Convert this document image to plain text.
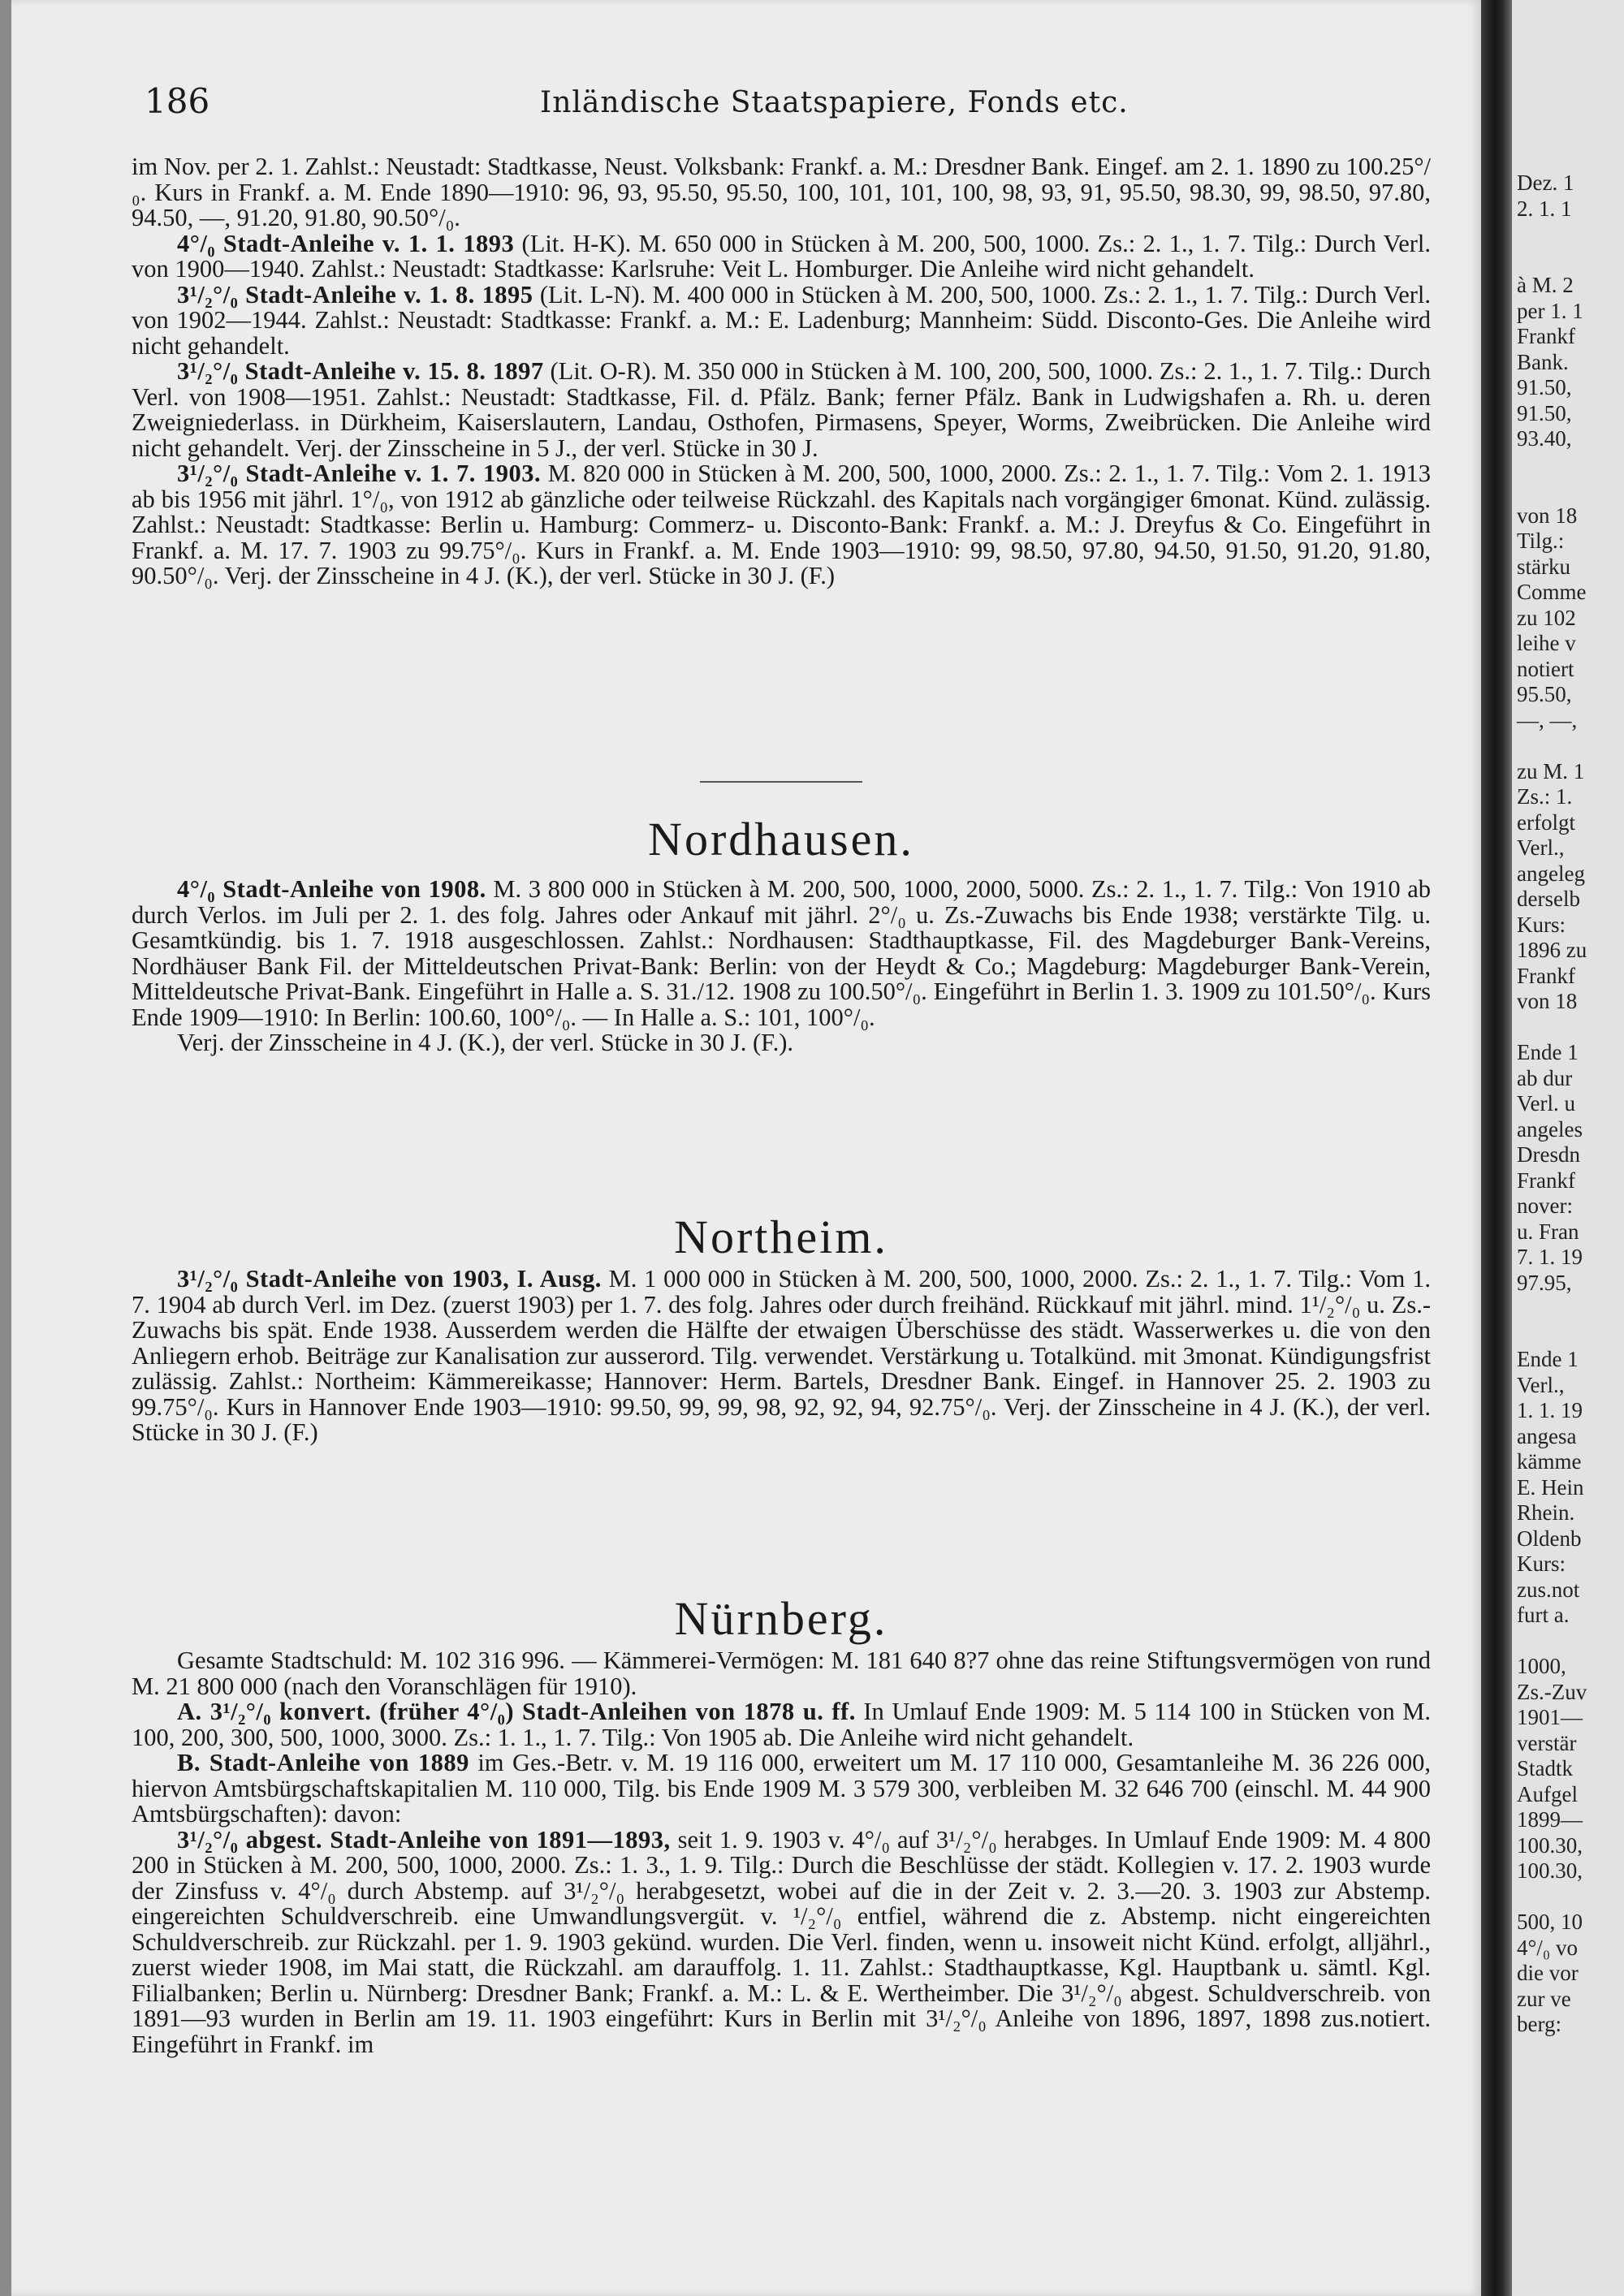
Dez. 1
2. 1. 1
à M. 2
per 1. 1
Frankf
Bank.
91.50,
91.50,
93.40,
von 18
Tilg.:
stärku
Comme
zu 102
leihe v
notiert
95.50,
—, —,
zu M. 1
Zs.: 1.
erfolgt
Verl.,
angeleg
derselb
Kurs:
1896 zu
Frankf
von 18
Ende 1
ab dur
Verl. u
angeles
Dresdn
Frankf
nover:
u. Fran
7. 1. 19
97.95,
Ende 1
Verl.,
1. 1. 19
angesa
kämme
E. Hein
Rhein.
Oldenb
Kurs:
zus.not
furt a.
1000,
Zs.-Zuv
1901—
verstär
Stadtk
Aufgel
1899—
100.30,
100.30,
500, 10
4°/₀ vo
die vor
zur ve
berg:
186	Inländische Staatspapiere, Fonds etc.

im Nov. per 2. 1. Zahlst.: Neustadt: Stadtkasse, Neust. Volksbank: Frankf. a. M.: Dresdner Bank. Eingef. am 2. 1. 1890 zu 100.25°/₀. Kurs in Frankf. a. M. Ende 1890—1910: 96, 93, 95.50, 95.50, 100, 101, 101, 100, 98, 93, 91, 95.50, 98.30, 99, 98.50, 97.80, 94.50, —, 91.20, 91.80, 90.50°/₀.

4°/₀ Stadt-Anleihe v. 1. 1. 1893 (Lit. H-K). M. 650 000 in Stücken à M. 200, 500, 1000. Zs.: 2. 1., 1. 7. Tilg.: Durch Verl. von 1900—1940. Zahlst.: Neustadt: Stadtkasse: Karlsruhe: Veit L. Homburger. Die Anleihe wird nicht gehandelt.

3¹/₂°/₀ Stadt-Anleihe v. 1. 8. 1895 (Lit. L-N). M. 400 000 in Stücken à M. 200, 500, 1000. Zs.: 2. 1., 1. 7. Tilg.: Durch Verl. von 1902—1944. Zahlst.: Neustadt: Stadtkasse: Frankf. a. M.: E. Ladenburg; Mannheim: Südd. Disconto-Ges. Die Anleihe wird nicht gehandelt.

3¹/₂°/₀ Stadt-Anleihe v. 15. 8. 1897 (Lit. O-R). M. 350 000 in Stücken à M. 100, 200, 500, 1000. Zs.: 2. 1., 1. 7. Tilg.: Durch Verl. von 1908—1951. Zahlst.: Neustadt: Stadtkasse, Fil. d. Pfälz. Bank; ferner Pfälz. Bank in Ludwigshafen a. Rh. u. deren Zweigniederlass. in Dürkheim, Kaiserslautern, Landau, Osthofen, Pirmasens, Speyer, Worms, Zweibrücken. Die Anleihe wird nicht gehandelt. Verj. der Zinsscheine in 5 J., der verl. Stücke in 30 J.

3¹/₂°/₀ Stadt-Anleihe v. 1. 7. 1903. M. 820 000 in Stücken à M. 200, 500, 1000, 2000. Zs.: 2. 1., 1. 7. Tilg.: Vom 2. 1. 1913 ab bis 1956 mit jährl. 1°/₀, von 1912 ab gänzliche oder teilweise Rückzahl. des Kapitals nach vorgängiger 6monat. Künd. zulässig. Zahlst.: Neustadt: Stadtkasse: Berlin u. Hamburg: Commerz- u. Disconto-Bank: Frankf. a. M.: J. Dreyfus & Co. Eingeführt in Frankf. a. M. 17. 7. 1903 zu 99.75°/₀. Kurs in Frankf. a. M. Ende 1903—1910: 99, 98.50, 97.80, 94.50, 91.50, 91.20, 91.80, 90.50°/₀. Verj. der Zinsscheine in 4 J. (K.), der verl. Stücke in 30 J. (F.)

Nordhausen.

4°/₀ Stadt-Anleihe von 1908. M. 3 800 000 in Stücken à M. 200, 500, 1000, 2000, 5000. Zs.: 2. 1., 1. 7. Tilg.: Von 1910 ab durch Verlos. im Juli per 2. 1. des folg. Jahres oder Ankauf mit jährl. 2°/₀ u. Zs.-Zuwachs bis Ende 1938; verstärkte Tilg. u. Gesamtkündig. bis 1. 7. 1918 ausgeschlossen. Zahlst.: Nordhausen: Stadthauptkasse, Fil. des Magdeburger Bank-Vereins, Nordhäuser Bank Fil. der Mitteldeutschen Privat-Bank: Berlin: von der Heydt & Co.; Magdeburg: Magdeburger Bank-Verein, Mitteldeutsche Privat-Bank. Eingeführt in Halle a. S. 31./12. 1908 zu 100.50°/₀. Eingeführt in Berlin 1. 3. 1909 zu 101.50°/₀. Kurs Ende 1909—1910: In Berlin: 100.60, 100°/₀. — In Halle a. S.: 101, 100°/₀.

Verj. der Zinsscheine in 4 J. (K.), der verl. Stücke in 30 J. (F.).

Northeim.

3¹/₂°/₀ Stadt-Anleihe von 1903, I. Ausg. M. 1 000 000 in Stücken à M. 200, 500, 1000, 2000. Zs.: 2. 1., 1. 7. Tilg.: Vom 1. 7. 1904 ab durch Verl. im Dez. (zuerst 1903) per 1. 7. des folg. Jahres oder durch freihänd. Rückkauf mit jährl. mind. 1¹/₂°/₀ u. Zs.-Zuwachs bis spät. Ende 1938. Ausserdem werden die Hälfte der etwaigen Überschüsse des städt. Wasserwerkes u. die von den Anliegern erhob. Beiträge zur Kanalisation zur ausserord. Tilg. verwendet. Verstärkung u. Totalkünd. mit 3monat. Kündigungsfrist zulässig. Zahlst.: Northeim: Kämmereikasse; Hannover: Herm. Bartels, Dresdner Bank. Eingef. in Hannover 25. 2. 1903 zu 99.75°/₀. Kurs in Hannover Ende 1903—1910: 99.50, 99, 99, 98, 92, 92, 94, 92.75°/₀. Verj. der Zinsscheine in 4 J. (K.), der verl. Stücke in 30 J. (F.)

Nürnberg.

Gesamte Stadtschuld: M. 102 316 996. — Kämmerei-Vermögen: M. 181 640 8?7 ohne das reine Stiftungsvermögen von rund M. 21 800 000 (nach den Voranschlägen für 1910).

A. 3¹/₂°/₀ konvert. (früher 4°/₀) Stadt-Anleihen von 1878 u. ff. In Umlauf Ende 1909: M. 5 114 100 in Stücken von M. 100, 200, 300, 500, 1000, 3000. Zs.: 1. 1., 1. 7. Tilg.: Von 1905 ab. Die Anleihe wird nicht gehandelt.

B. Stadt-Anleihe von 1889 im Ges.-Betr. v. M. 19 116 000, erweitert um M. 17 110 000, Gesamtanleihe M. 36 226 000, hiervon Amtsbürgschaftskapitalien M. 110 000, Tilg. bis Ende 1909 M. 3 579 300, verbleiben M. 32 646 700 (einschl. M. 44 900 Amtsbürgschaften): davon:

3¹/₂°/₀ abgest. Stadt-Anleihe von 1891—1893, seit 1. 9. 1903 v. 4°/₀ auf 3¹/₂°/₀ herabges. In Umlauf Ende 1909: M. 4 800 200 in Stücken à M. 200, 500, 1000, 2000. Zs.: 1. 3., 1. 9. Tilg.: Durch die Beschlüsse der städt. Kollegien v. 17. 2. 1903 wurde der Zinsfuss v. 4°/₀ durch Abstemp. auf 3¹/₂°/₀ herabgesetzt, wobei auf die in der Zeit v. 2. 3.—20. 3. 1903 zur Abstemp. eingereichten Schuldverschreib. eine Umwandlungsvergüt. v. ¹/₂°/₀ entfiel, während die z. Abstemp. nicht eingereichten Schuldverschreib. zur Rückzahl. per 1. 9. 1903 gekünd. wurden. Die Verl. finden, wenn u. insoweit nicht Künd. erfolgt, alljährl., zuerst wieder 1908, im Mai statt, die Rückzahl. am darauffolg. 1. 11. Zahlst.: Stadthauptkasse, Kgl. Hauptbank u. sämtl. Kgl. Filialbanken; Berlin u. Nürnberg: Dresdner Bank; Frankf. a. M.: L. & E. Wertheimber. Die 3¹/₂°/₀ abgest. Schuldverschreib. von 1891—93 wurden in Berlin am 19. 11. 1903 eingeführt: Kurs in Berlin mit 3¹/₂°/₀ Anleihe von 1896, 1897, 1898 zus.notiert. Eingeführt in Frankf. im
